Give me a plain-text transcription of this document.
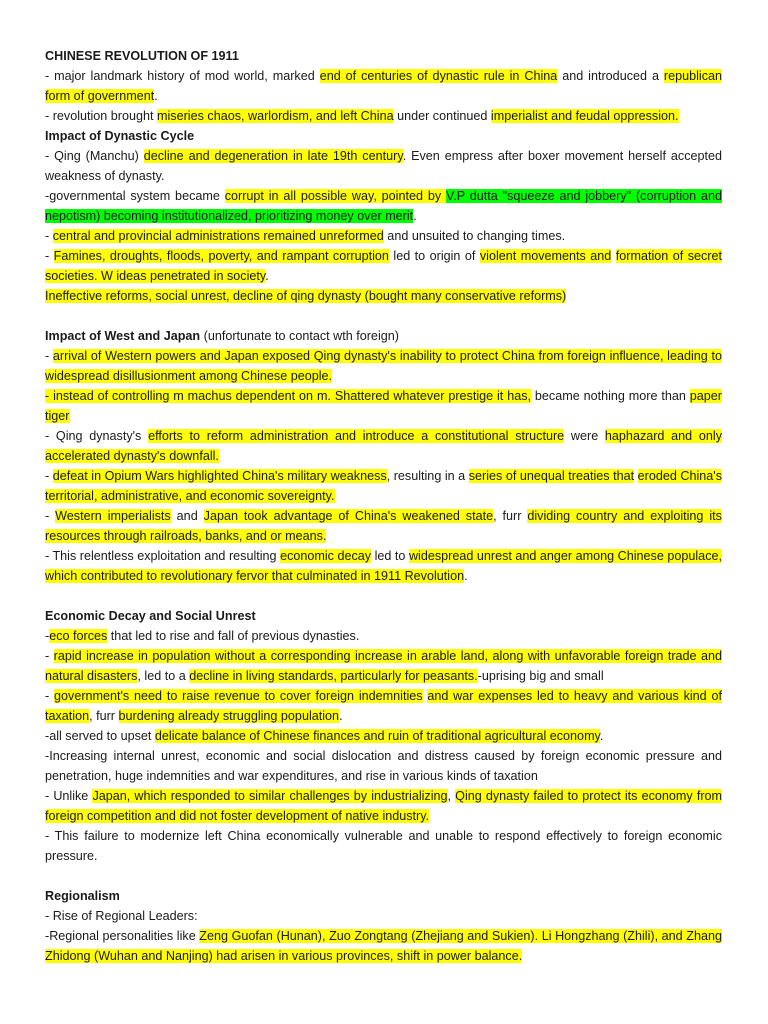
CHINESE REVOLUTION OF 1911

- major landmark history of mod world, marked end of centuries of dynastic rule in China and introduced a republican form of government.

- revolution brought miseries chaos, warlordism, and left China under continued imperialist and feudal oppression.

Impact of Dynastic Cycle

- Qing (Manchu) decline and degeneration in late 19th century. Even empress after boxer movement herself accepted weakness of dynasty.

-governmental system became corrupt in all possible way, pointed by V.P dutta "squeeze and jobbery" (corruption and nepotism) becoming institutionalized, prioritizing money over merit.

- central and provincial administrations remained unreformed and unsuited to changing times.

- Famines, droughts, floods, poverty, and rampant corruption led to origin of violent movements and formation of secret societies. W ideas penetrated in society.

Ineffective reforms, social unrest, decline of qing dynasty (bought many conservative reforms)

Impact of West and Japan (unfortunate to contact wth foreign)

- arrival of Western powers and Japan exposed Qing dynasty's inability to protect China from foreign influence, leading to widespread disillusionment among Chinese people.

- instead of controlling m machus dependent on m. Shattered whatever prestige it has, became nothing more than paper tiger

- Qing dynasty's efforts to reform administration and introduce a constitutional structure were haphazard and only accelerated dynasty's downfall.

- defeat in Opium Wars highlighted China's military weakness, resulting in a series of unequal treaties that eroded China's territorial, administrative, and economic sovereignty.

- Western imperialists and Japan took advantage of China's weakened state, furr dividing country and exploiting its resources through railroads, banks, and or means.

- This relentless exploitation and resulting economic decay led to widespread unrest and anger among Chinese populace, which contributed to revolutionary fervor that culminated in 1911 Revolution.

Economic Decay and Social Unrest

-eco forces that led to rise and fall of previous dynasties.

- rapid increase in population without a corresponding increase in arable land, along with unfavorable foreign trade and natural disasters, led to a decline in living standards, particularly for peasants.-uprising big and small

- government's need to raise revenue to cover foreign indemnities and war expenses led to heavy and various kind of taxation, furr burdening already struggling population.

-all served to upset delicate balance of Chinese finances and ruin of traditional agricultural economy.

-Increasing internal unrest, economic and social dislocation and distress caused by foreign economic pressure and penetration, huge indemnities and war expenditures, and rise in various kinds of taxation

- Unlike Japan, which responded to similar challenges by industrializing, Qing dynasty failed to protect its economy from foreign competition and did not foster development of native industry.

- This failure to modernize left China economically vulnerable and unable to respond effectively to foreign economic pressure.

Regionalism

- Rise of Regional Leaders:

-Regional personalities like Zeng Guofan (Hunan), Zuo Zongtang (Zhejiang and Sukien). Li Hongzhang (Zhili), and Zhang Zhidong (Wuhan and Nanjing) had arisen in various provinces, shift in power balance.
